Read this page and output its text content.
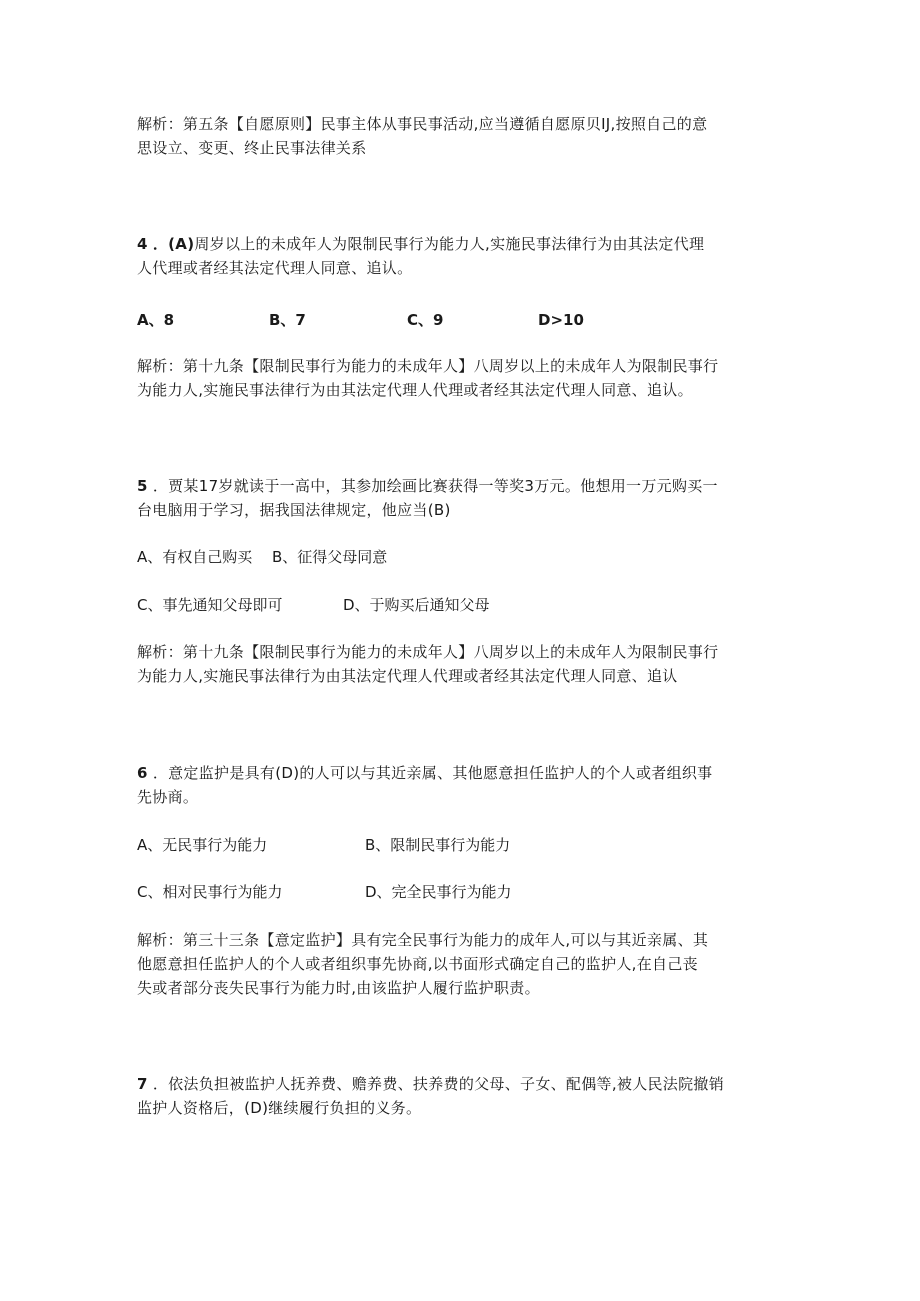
解析：第五条【自愿原则】民事主体从事民事活动,应当遵循自愿原贝IJ,按照自己的意
思设立、变更、终止民事法律关系
4 ．(A)周岁以上的未成年人为限制民事行为能力人,实施民事法律行为由其法定代理
人代理或者经其法定代理人同意、追认。
A、8	B、7	C、9	D>10
解析：第十九条【限制民事行为能力的未成年人】八周岁以上的未成年人为限制民事行
为能力人,实施民事法律行为由其法定代理人代理或者经其法定代理人同意、追认。
5 ．贾某17岁就读于一高中，其参加绘画比赛获得一等奖3万元。他想用一万元购买一
台电脑用于学习，据我国法律规定，他应当(B)
A、有权自己购买 B、征得父母同意
C、事先通知父母即可	D、于购买后通知父母
解析：第十九条【限制民事行为能力的未成年人】八周岁以上的未成年人为限制民事行
为能力人,实施民事法律行为由其法定代理人代理或者经其法定代理人同意、追认
6 ．意定监护是具有(D)的人可以与其近亲属、其他愿意担任监护人的个人或者组织事
先协商。
A、无民事行为能力	B、限制民事行为能力
C、相对民事行为能力	D、完全民事行为能力
解析：第三十三条【意定监护】具有完全民事行为能力的成年人,可以与其近亲属、其
他愿意担任监护人的个人或者组织事先协商,以书面形式确定自己的监护人,在自己丧
失或者部分丧失民事行为能力时,由该监护人履行监护职责。
7 ．依法负担被监护人抚养费、赡养费、扶养费的父母、子女、配偶等,被人民法院撤销
监护人资格后，(D)继续履行负担的义务。
